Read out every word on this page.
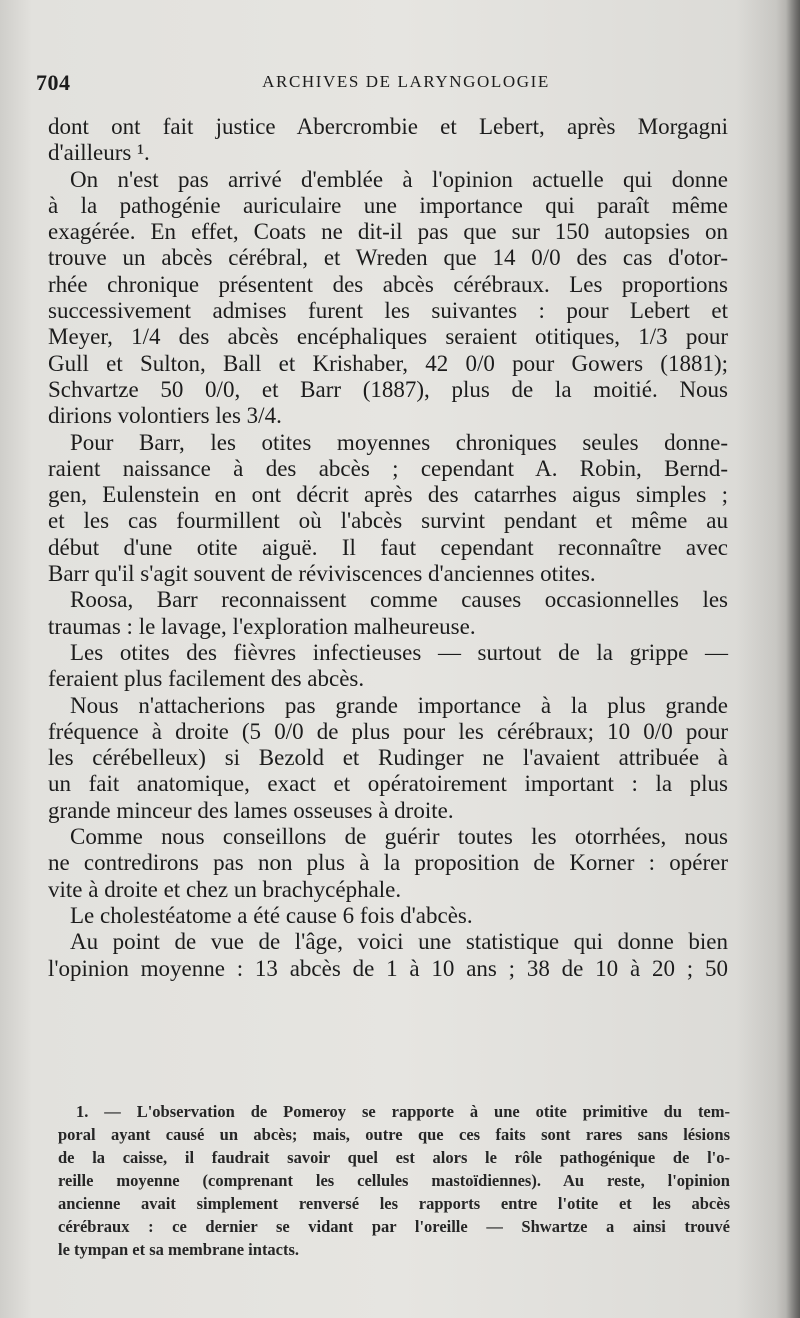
704	ARCHIVES DE LARYNGOLOGIE
dont ont fait justice Abercrombie et Lebert, après Morgagni
d'ailleurs ¹.
On n'est pas arrivé d'emblée à l'opinion actuelle qui donne
à la pathogénie auriculaire une importance qui paraît même
exagérée. En effet, Coats ne dit-il pas que sur 150 autopsies on
trouve un abcès cérébral, et Wreden que 14 0/0 des cas d'otor-
rhée chronique présentent des abcès cérébraux. Les proportions
successivement admises furent les suivantes : pour Lebert et
Meyer, 1/4 des abcès encéphaliques seraient otitiques, 1/3 pour
Gull et Sulton, Ball et Krishaber, 42 0/0 pour Gowers (1881);
Schvartze 50 0/0, et Barr (1887), plus de la moitié. Nous
dirions volontiers les 3/4.
Pour Barr, les otites moyennes chroniques seules donne-
raient naissance à des abcès ; cependant A. Robin, Bernd-
gen, Eulenstein en ont décrit après des catarrhes aigus simples ;
et les cas fourmillent où l'abcès survint pendant et même au
début d'une otite aiguë. Il faut cependant reconnaître avec
Barr qu'il s'agit souvent de réviviscences d'anciennes otites.
Roosa, Barr reconnaissent comme causes occasionnelles les
traumas : le lavage, l'exploration malheureuse.
Les otites des fièvres infectieuses — surtout de la grippe —
feraient plus facilement des abcès.
Nous n'attacherions pas grande importance à la plus grande
fréquence à droite (5 0/0 de plus pour les cérébraux; 10 0/0 pour
les cérébelleux) si Bezold et Rudinger ne l'avaient attribuée à
un fait anatomique, exact et opératoirement important : la plus
grande minceur des lames osseuses à droite.
Comme nous conseillons de guérir toutes les otorrhées, nous
ne contredirons pas non plus à la proposition de Korner : opérer
vite à droite et chez un brachycéphale.
Le cholestéatome a été cause 6 fois d'abcès.
Au point de vue de l'âge, voici une statistique qui donne bien
l'opinion moyenne : 13 abcès de 1 à 10 ans ; 38 de 10 à 20 ; 50
1. — L'observation de Pomeroy se rapporte à une otite primitive du tem-
poral ayant causé un abcès; mais, outre que ces faits sont rares sans lésions
de la caisse, il faudrait savoir quel est alors le rôle pathogénique de l'o-
reille moyenne (comprenant les cellules mastoïdiennes). Au reste, l'opinion
ancienne avait simplement renversé les rapports entre l'otite et les abcès
cérébraux : ce dernier se vidant par l'oreille — Shwartze a ainsi trouvé
le tympan et sa membrane intacts.
